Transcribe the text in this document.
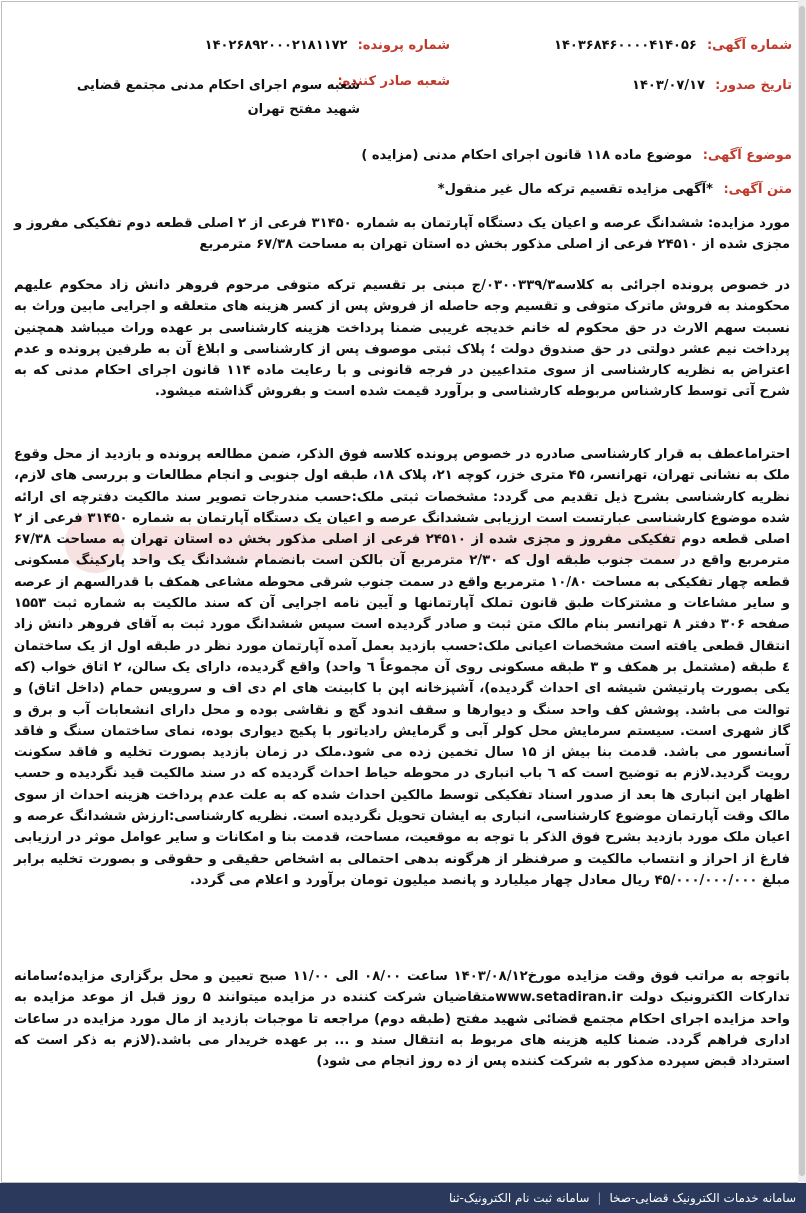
شماره آگهی: ۱۴۰۳۶۸۴۶۰۰۰۰۴۱۴۰۵۶
شماره پرونده: ۱۴۰۲۶۸۹۲۰۰۰۲۱۸۱۱۷۲
تاریخ صدور: ۱۴۰۳/۰۷/۱۷
شعبه صادر کننده:
شعبه سوم اجرای احکام مدنی مجتمع قضایی شهید مفتح تهران
موضوع آگهی: موضوع ماده ۱۱۸ قانون اجرای احکام مدنی (مزایده )
متن آگهی: *آگهی مزایده تقسیم ترکه مال غیر منقول*
مورد مزایده: ششدانگ عرصه و اعیان یک دستگاه آپارتمان به شماره ۳۱۴۵۰ فرعی از ۲ اصلی قطعه دوم تفکیکی مفروز و مجزی شده از ۲۴۵۱۰ فرعی از اصلی مذکور بخش ده استان تهران به مساحت ۶۷/۳۸ مترمربع
در خصوص پرونده اجرائی به کلاسه۰۳۰۰۳۳۹/۳/ج مبنی بر تقسیم ترکه متوفی مرحوم فروهر دانش زاد محکوم علیهم محکومند به فروش ماترک متوفی و تقسیم وجه حاصله از فروش پس از کسر هزینه های متعلقه و اجرایی مابین وراث به نسبت سهم الارث در حق محکوم له خانم خدیجه غریبی ضمنا پرداخت هزینه کارشناسی بر عهده وراث میباشد همچنین پرداخت نیم عشر دولتی در حق صندوق دولت ؛ پلاک ثبتی موصوف پس از کارشناسی و ابلاغ آن به طرفین پرونده و عدم اعتراض به نظریه کارشناسی از سوی متداعیین در فرجه قانونی و با رعایت ماده ۱۱۴ قانون اجرای احکام مدنی که به شرح آتی توسط کارشناس مربوطه کارشناسی و برآورد قیمت شده است و بفروش گذاشته میشود.
احتراماعطف به قرار کارشناسی صادره در خصوص پرونده کلاسه فوق الذکر، ضمن مطالعه پرونده و بازدید از محل وقوع ملک به نشانی تهران، تهرانسر، ۴۵ متری خزر، کوچه ۲۱، پلاک ۱۸، طبقه اول جنوبی و انجام مطالعات و بررسی های لازم، نظریه کارشناسی بشرح ذیل تقدیم می گردد: مشخصات ثبتی ملک:حسب مندرجات تصویر سند مالکیت دفترچه ای ارائه شده موضوع کارشناسی عبارتست است ارزیابی ششدانگ عرصه و اعیان یک دستگاه آپارتمان به شماره ۳۱۴۵۰ فرعی از ۲ اصلی قطعه دوم تفکیکی مفروز و مجزی شده از ۲۴۵۱۰ فرعی از اصلی مذکور بخش ده استان تهران به مساحت ۶۷/۳۸ مترمربع واقع در سمت جنوب طبقه اول که ۲/۳۰ مترمربع آن بالکن است بانضمام ششدانگ یک واحد پارکینگ مسکونی قطعه چهار تفکیکی به مساحت ۱۰/۸۰ مترمربع واقع در سمت جنوب شرقی محوطه مشاعی همکف با قدرالسهم از عرصه و سایر مشاعات و مشترکات طبق قانون تملک آپارتمانها و آیین نامه اجرایی آن که سند مالکیت به شماره ثبت ۱۵۵۳ صفحه ۳۰۶ دفتر ۸ تهرانسر بنام مالک متن ثبت و صادر گردیده است سپس ششدانگ مورد ثبت به آقای فروهر دانش زاد انتقال قطعی یافته است مشخصات اعیانی ملک:حسب بازدید بعمل آمده آپارتمان مورد نظر در طبقه اول از یک ساختمان ٤ طبقه (مشتمل بر همکف و ۳ طبقه مسکونی روی آن مجموعاً ٦ واحد) واقع گردیده، دارای یک سالن، ۲ اتاق خواب (که یکی بصورت پارتیشن شیشه ای احداث گردیده)، آشپزخانه اپن با کابینت های ام دی اف و سرویس حمام (داخل اتاق) و توالت می باشد. پوشش کف واحد سنگ و دیوارها و سقف اندود گچ و نقاشی بوده و محل دارای انشعابات آب و برق و گاز شهری است. سیستم سرمایش محل کولر آبی و گرمایش رادیاتور با پکیج دیواری بوده، نمای ساختمان سنگ و فاقد آسانسور می باشد. قدمت بنا بیش از ۱۵ سال تخمین زده می شود.ملک در زمان بازدید بصورت تخلیه و فاقد سکونت رویت گردید.لازم به توضیح است که ٦ باب انباری در محوطه حیاط احداث گردیده که در سند مالکیت قید نگردیده و حسب اظهار این انباری ها بعد از صدور اسناد تفکیکی توسط مالکین احداث شده که به علت عدم پرداخت هزینه احداث از سوی مالک وقت آپارتمان موضوع کارشناسی، انباری به ایشان تحویل نگردیده است. نظریه کارشناسی:ارزش ششدانگ عرصه و اعیان ملک مورد بازدید بشرح فوق الذکر با توجه به موقعیت، مساحت، قدمت بنا و امکانات و سایر عوامل موثر در ارزیابی فارغ از احراز و انتساب مالکیت و صرفنظر از هرگونه بدهی احتمالی به اشخاص حقیقی و حقوقی و بصورت تخلیه برابر مبلغ ۴۵/۰۰۰/۰۰۰/۰۰۰ ریال معادل چهار میلیارد و پانصد میلیون تومان برآورد و اعلام می گردد.
باتوجه به مراتب فوق وقت مزایده مورخ۱۴۰۳/۰۸/۱۲ ساعت ۰۸/۰۰ الی ۱۱/۰۰ صبح تعیین و محل برگزاری مزایده؛سامانه تدارکات الکترونیک دولت www.setadiran.irمتقاضیان شرکت کننده در مزایده میتوانند ۵ روز قبل از موعد مزایده به واحد مزایده اجرای احکام مجتمع قضائی شهید مفتح (طبقه دوم) مراجعه تا موجبات بازدید از مال مورد مزایده در ساعات اداری فراهم گردد. ضمنا کلیه هزینه های مربوط به انتقال سند و ... بر عهده خریدار می باشد.(لازم به ذکر است که استرداد قبض سپرده مذکور به شرکت کننده پس از ده روز انجام می شود)
سامانه خدمات الکترونیک قضایی-صخا
|
سامانه ثبت نام الکترونیک-ثنا
